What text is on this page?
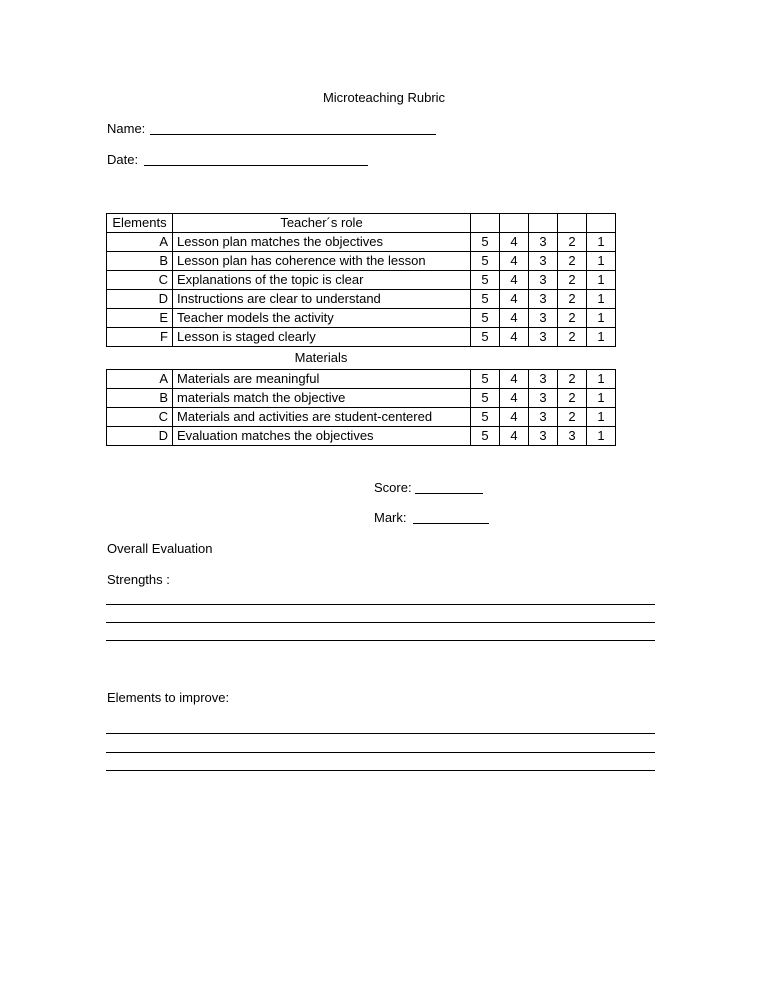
Microteaching Rubric
Name:
Date:
Elements	Teacher´s role					
A	Lesson plan matches the objectives	5	4	3	2	1
B	Lesson plan has coherence with the lesson	5	4	3	2	1
C	Explanations of the topic is clear	5	4	3	2	1
D	Instructions are clear to understand	5	4	3	2	1
E	Teacher models the activity	5	4	3	2	1
F	Lesson is staged clearly	5	4	3	2	1
Materials
A	Materials are meaningful	5	4	3	2	1
B	materials match the objective	5	4	3	2	1
C	Materials and activities are student-centered	5	4	3	2	1
D	Evaluation matches the objectives	5	4	3	3	1
Score:
Mark:
Overall Evaluation
Strengths :
Elements to improve:
